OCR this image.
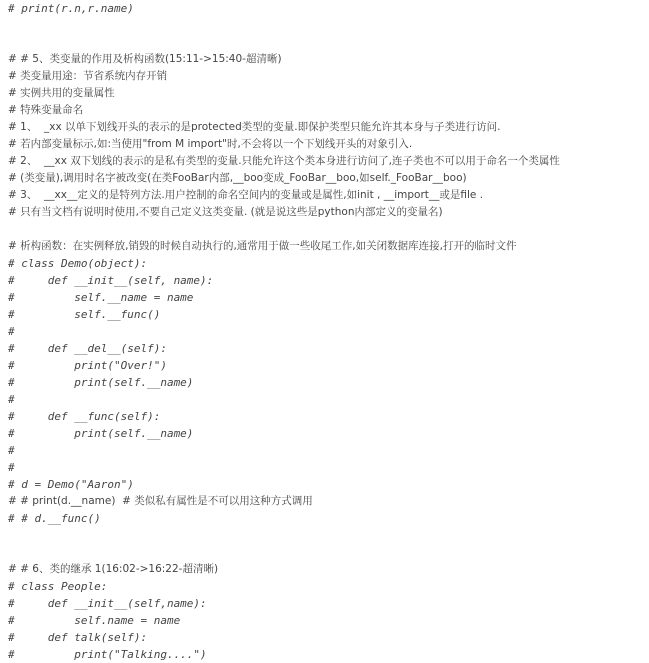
# print(r.n,r.name)
# # 5、类变量的作用及析构函数(15:11->15:40-超清晰)
# 类变量用途：节省系统内存开销
# 实例共用的变量属性
# 特殊变量命名
# 1、  _xx 以单下划线开头的表示的是protected类型的变量.即保护类型只能允许其本身与子类进行访问.
# 若内部变量标示,如:当使用"from M import"时,不会将以一个下划线开头的对象引入.
# 2、  __xx 双下划线的表示的是私有类型的变量.只能允许这个类本身进行访问了,连子类也不可以用于命名一个类属性
# (类变量),调用时名字被改变(在类FooBar内部,__boo变成_FooBar__boo,如self._FooBar__boo)
# 3、  __xx__定义的是特列方法.用户控制的命名空间内的变量或是属性,如init , __import__或是file .
# 只有当文档有说明时使用,不要自己定义这类变量. (就是说这些是python内部定义的变量名)
# 析构函数：在实例释放,销毁的时候自动执行的,通常用于做一些收尾工作,如关闭数据库连接,打开的临时文件
# class Demo(object):
#     def __init__(self, name):
#         self.__name = name
#         self.__func()
#
#     def __del__(self):
#         print("Over!")
#         print(self.__name)
#
#     def __func(self):
#         print(self.__name)
#
#
# d = Demo("Aaron")
# # print(d.__name)  # 类似私有属性是不可以用这种方式调用
# # d.__func()
# # 6、类的继承 1(16:02->16:22-超清晰)
# class People:
#     def __init__(self,name):
#         self.name = name
#     def talk(self):
#         print("Talking....")
